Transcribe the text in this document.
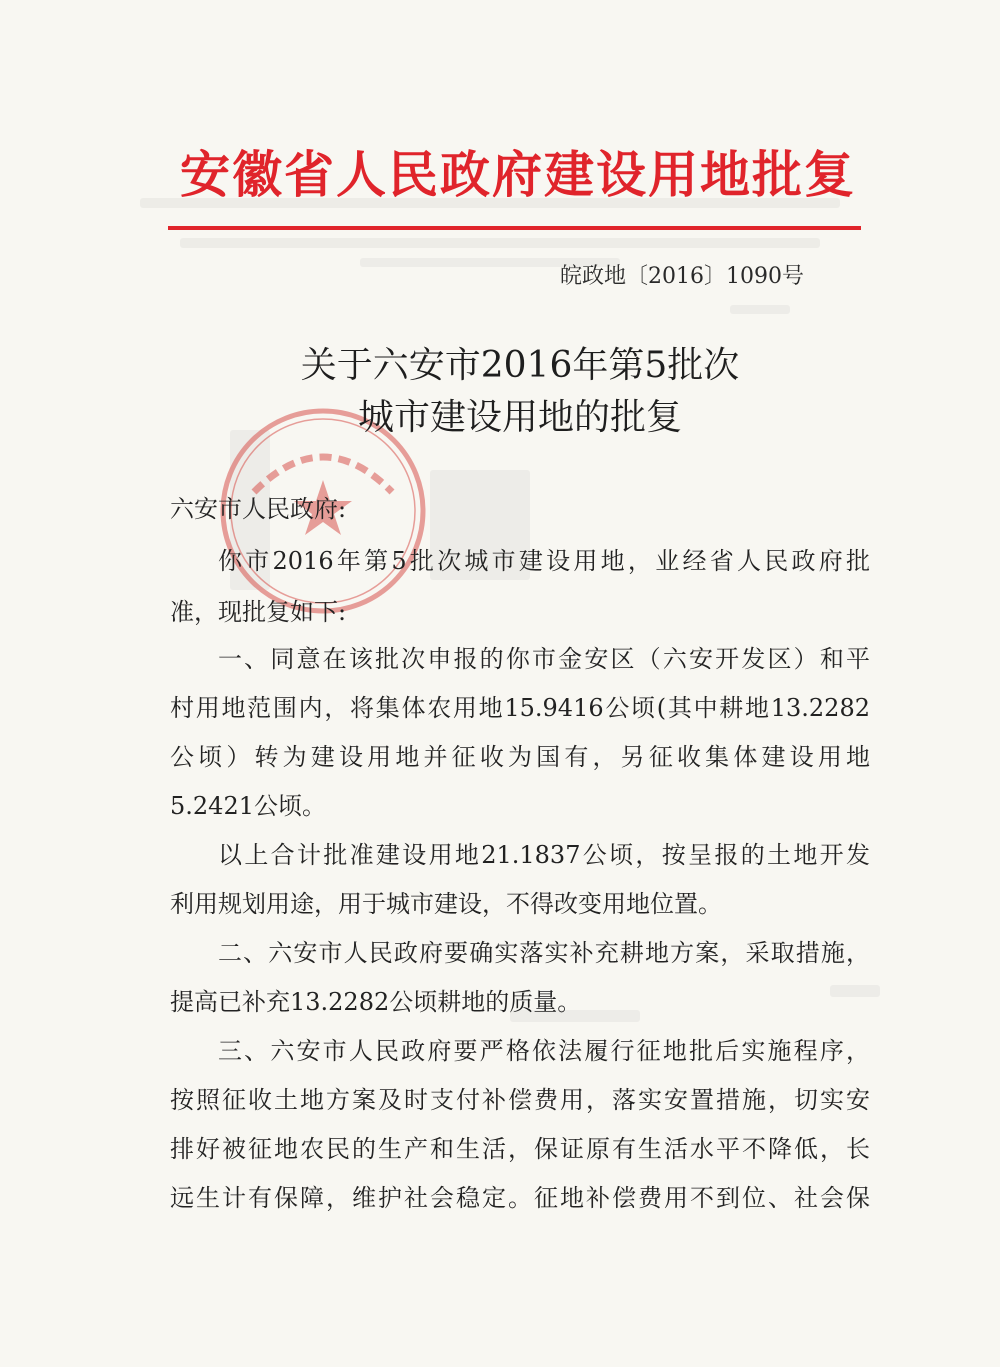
安徽省人民政府建设用地批复
皖政地〔2016〕1090号
关于六安市2016年第5批次
城市建设用地的批复
六安市人民政府:
你市2016年第5批次城市建设用地，业经省人民政府批
准，现批复如下:
一、同意在该批次申报的你市金安区（六安开发区）和平
村用地范围内，将集体农用地15.9416公顷(其中耕地13.2282
公顷）转为建设用地并征收为国有，另征收集体建设用地
5.2421公顷。
以上合计批准建设用地21.1837公顷，按呈报的土地开发
利用规划用途，用于城市建设，不得改变用地位置。
二、六安市人民政府要确实落实补充耕地方案，采取措施，
提高已补充13.2282公顷耕地的质量。
三、六安市人民政府要严格依法履行征地批后实施程序，
按照征收土地方案及时支付补偿费用，落实安置措施，切实安
排好被征地农民的生产和生活，保证原有生活水平不降低，长
远生计有保障，维护社会稳定。征地补偿费用不到位、社会保
